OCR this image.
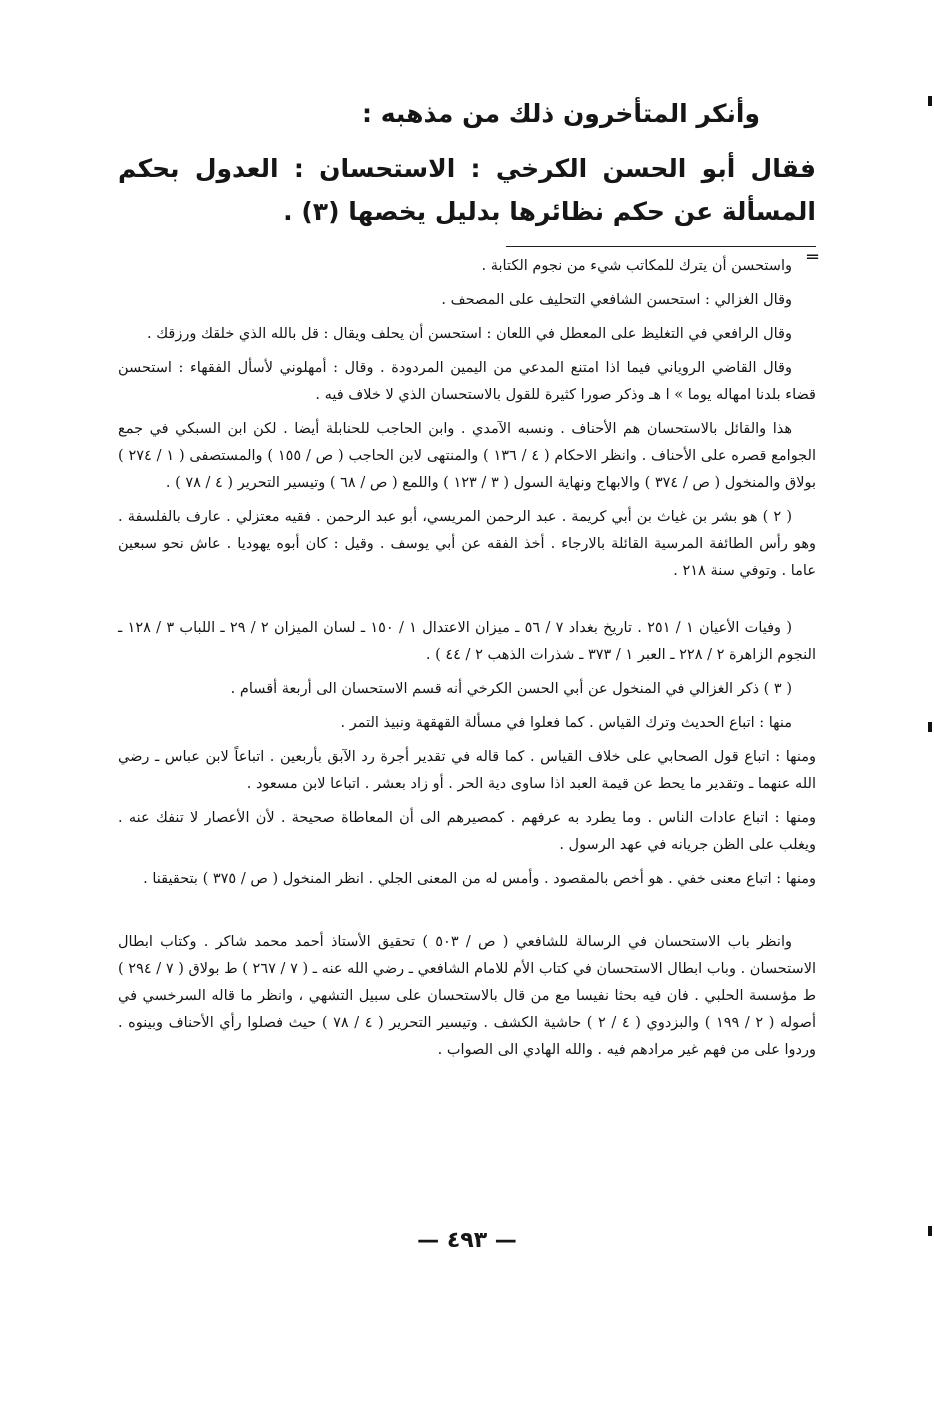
وأنكر المتأخرون ذلك من مذهبه :

فقال أبو الحسن الكرخي : الاستحسان : العدول بحكم المسألة عن حكم نظائرها بدليل يخصها (٣) .

═

واستحسن أن يترك للمكاتب شيء من نجوم الكتابة .

وقال الغزالي : استحسن الشافعي التحليف على المصحف .

وقال الرافعي في التغليظ على المعطل في اللعان : استحسن أن يحلف ويقال : قل بالله الذي خلقك ورزقك .

وقال القاضي الروياني فيما اذا امتنع المدعي من اليمين المردودة . وقال : أمهلوني لأسأل الفقهاء : استحسن قضاء بلدنا امهاله يوما » ا هـ وذكر صورا كثيرة للقول بالاستحسان الذي لا خلاف فيه .

هذا والقائل بالاستحسان هم الأحناف . ونسبه الآمدي . وابن الحاجب للحنابلة أيضا . لكن ابن السبكي في جمع الجوامع قصره على الأحناف . وانظر الاحكام ( ٤ / ١٣٦ ) والمنتهى لابن الحاجب ( ص / ١٥٥ ) والمستصفى ( ١ / ٢٧٤ ) بولاق والمنخول ( ص / ٣٧٤ ) والابهاج ونهاية السول ( ٣ / ١٢٣ ) واللمع ( ص / ٦٨ ) وتيسير التحرير ( ٤ / ٧٨ ) .

( ٢ ) هو بشر بن غياث بن أبي كريمة . عبد الرحمن المريسي، أبو عبد الرحمن . فقيه معتزلي . عارف بالفلسفة . وهو رأس الطائفة المرسية القائلة بالارجاء . أخذ الفقه عن أبي يوسف . وقيل : كان أبوه يهوديا . عاش نحو سبعين عاما . وتوفي سنة ٢١٨ .

( وفيات الأعيان ١ / ٢٥١ . تاريخ بغداد ٧ / ٥٦ ـ ميزان الاعتدال ١ / ١٥٠ ـ لسان الميزان ٢ / ٢٩ ـ اللباب ٣ / ١٢٨ ـ النجوم الزاهرة ٢ / ٢٢٨ ـ العبر ١ / ٣٧٣ ـ شذرات الذهب ٢ / ٤٤ ) .

( ٣ ) ذكر الغزالي في المنخول عن أبي الحسن الكرخي أنه قسم الاستحسان الى أربعة أقسام .

منها : اتباع الحديث وترك القياس . كما فعلوا في مسألة القهقهة ونبيذ التمر .

ومنها : اتباع قول الصحابي على خلاف القياس . كما قاله في تقدير أجرة رد الآبق بأربعين . اتباعاً لابن عباس ـ رضي الله عنهما ـ وتقدير ما يحط عن قيمة العبد اذا ساوى دية الحر . أو زاد بعشر . اتباعا لابن مسعود .

ومنها : اتباع عادات الناس . وما يطرد به عرفهم . كمصيرهم الى أن المعاطاة صحيحة . لأن الأعصار لا تنفك عنه . ويغلب على الظن جريانه في عهد الرسول .

ومنها : اتباع معنى خفي . هو أخص بالمقصود . وأمس له من المعنى الجلي . انظر المنخول ( ص / ٣٧٥ ) بتحقيقنا .

وانظر باب الاستحسان في الرسالة للشافعي ( ص / ٥٠٣ ) تحقيق الأستاذ أحمد محمد شاكر . وكتاب ابطال الاستحسان . وباب ابطال الاستحسان في كتاب الأم للامام الشافعي ـ رضي الله عنه ـ ( ٧ / ٢٦٧ ) ط بولاق ( ٧ / ٢٩٤ ) ط مؤسسة الحلبي . فان فيه بحثا نفيسا مع من قال بالاستحسان على سبيل التشهي ، وانظر ما قاله السرخسي في أصوله ( ٢ / ١٩٩ ) والبزدوي ( ٤ / ٢ ) حاشية الكشف . وتيسير التحرير ( ٤ / ٧٨ ) حيث فصلوا رأي الأحناف وبينوه . وردوا على من فهم غير مرادهم فيه . والله الهادي الى الصواب .

— ٤٩٣ —
